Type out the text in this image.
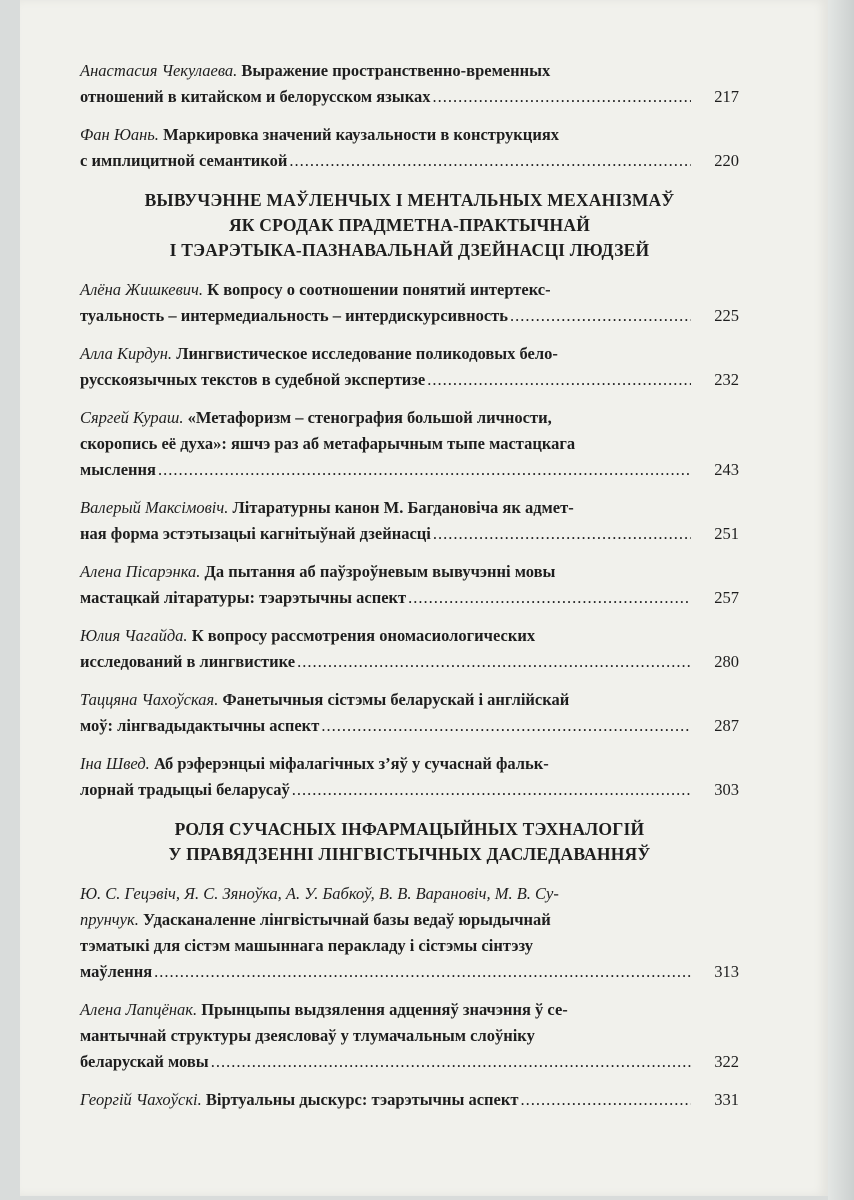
Анастасия Чекулаева. Выражение пространственно-временных
отношений в китайском и белорусском языках .....	217
Фан Юань. Маркировка значений каузальности в конструкциях
с имплицитной семантикой .....	220
ВЫВУЧЭННЕ МАЎЛЕНЧЫХ І МЕНТАЛЬНЫХ МЕХАНІЗМАЎ
ЯК СРОДАК ПРАДМЕТНА-ПРАКТЫЧНАЙ
І ТЭАРЭТЫКА-ПАЗНАВАЛЬНАЙ ДЗЕЙНАСЦІ ЛЮДЗЕЙ
Алёна Жишкевич. К вопросу о соотношении понятий интертекс-
туальность – интермедиальность – интердискурсивность .....	225
Алла Кирдун. Лингвистическое исследование поликодовых бело-
русскоязычных текстов в судебной экспертизе .....	232
Сяргей Кураш. «Метафоризм – стенография большой личности,
скоропись её духа»: яшчэ раз аб метафарычным тыпе мастацкага
мыслення .....	243
Валерый Максімовіч. Літаратурны канон М. Багдановіча як адмет-
ная форма эстэтызацыі кагнітыўнай дзейнасці .....	251
Алена Пісарэнка. Да пытання аб паўзроўневым вывучэнні мовы
мастацкай літаратуры: тэарэтычны аспект .....	257
Юлия Чагайда. К вопросу рассмотрения ономасиологических
исследований в лингвистике .....	280
Таццяна Чахоўская. Фанетычныя сістэмы беларускай і англійскай
моў: лінгвадыдактычны аспект .....	287
Іна Швед. Аб рэферэнцыі міфалагічных з’яў у сучаснай фальк-
лорнай традыцыі беларусаў .....	303
РОЛЯ СУЧАСНЫХ ІНФАРМАЦЫЙНЫХ ТЭХНАЛОГІЙ
У ПРАВЯДЗЕННІ ЛІНГВІСТЫЧНЫХ ДАСЛЕДАВАННЯЎ
Ю. С. Гецэвіч, Я. С. Зяноўка, А. У. Бабкоў, В. В. Варановіч, М. В. Су-
прунчук. Удасканаленне лінгвістычнай базы ведаў юрыдычнай
тэматыкі для сістэм машыннага перакладу і сістэмы сінтэзу
маўлення .....	313
Алена Лапцёнак. Прынцыпы выдзялення адценняў значэння ў се-
мантычнай структуры дзеясловаў у тлумачальным слоўніку
беларускай мовы .....	322
Георгій Чахоўскі. Віртуальны дыскурс: тэарэтычны аспект .....	331
